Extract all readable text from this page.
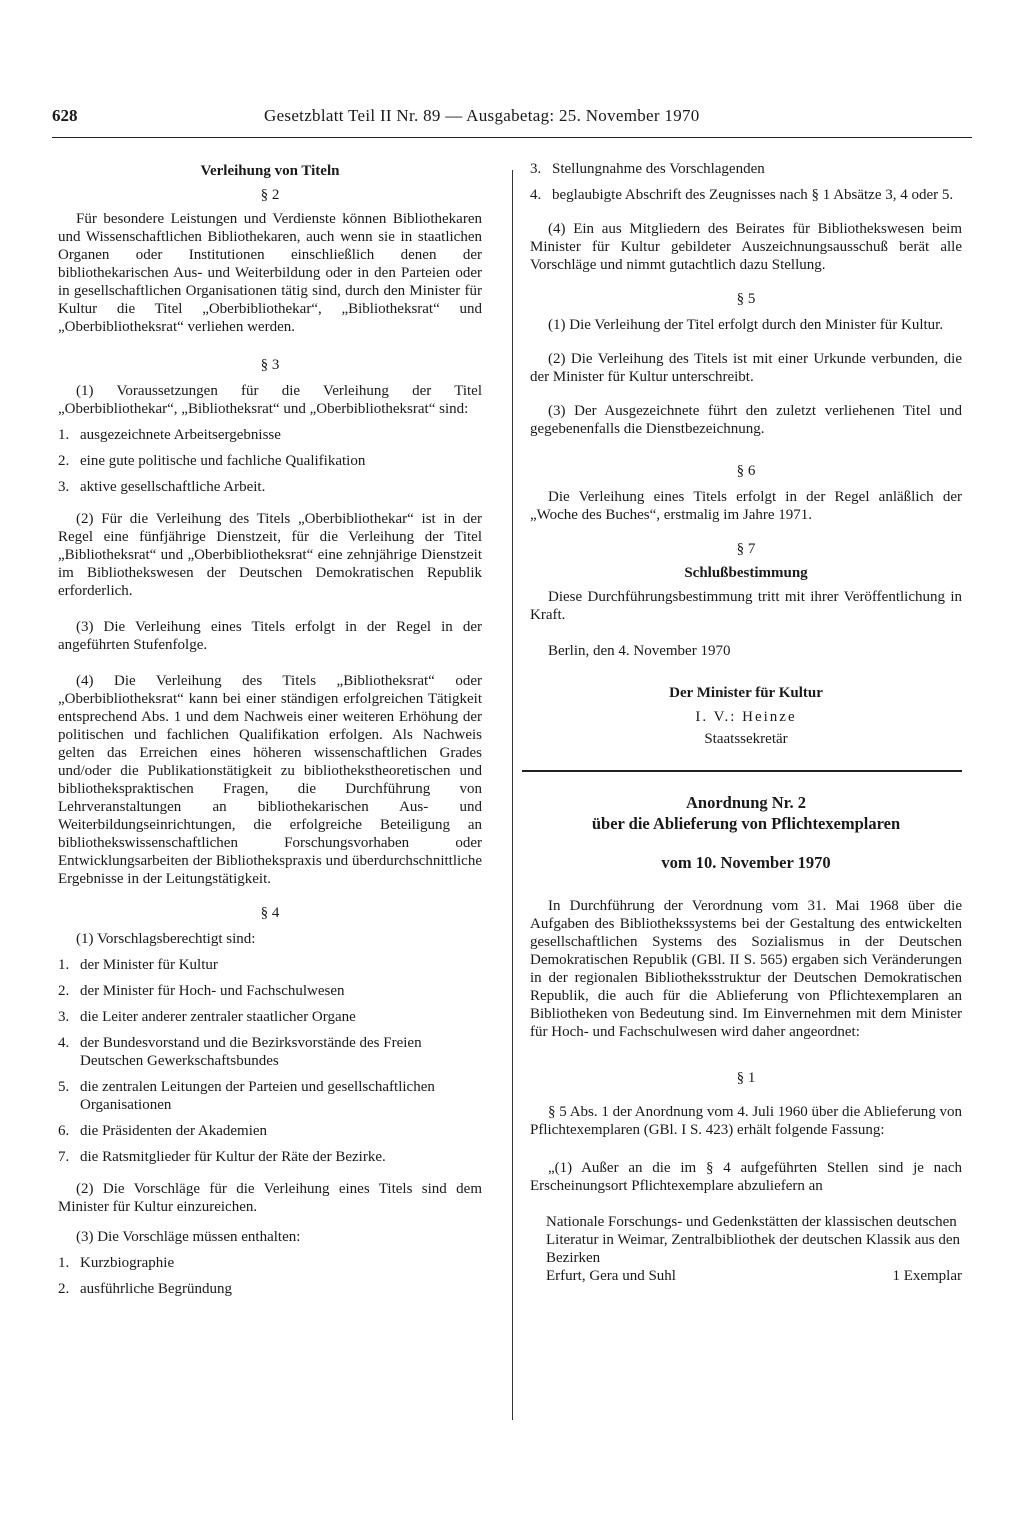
628	Gesetzblatt Teil II Nr. 89 — Ausgabetag: 25. November 1970

Verleihung von Titeln

§ 2

Für besondere Leistungen und Verdienste können Bibliothekaren und Wissenschaftlichen Bibliothekaren, auch wenn sie in staatlichen Organen oder Institutionen einschließlich denen der bibliothekarischen Aus- und Weiterbildung oder in den Parteien oder in gesellschaftlichen Organisationen tätig sind, durch den Minister für Kultur die Titel „Oberbibliothekar“, „Bibliotheksrat“ und „Oberbibliotheksrat“ verliehen werden.

§ 3

(1) Voraussetzungen für die Verleihung der Titel „Oberbibliothekar“, „Bibliotheksrat“ und „Oberbibliotheksrat“ sind:

1. ausgezeichnete Arbeitsergebnisse
2. eine gute politische und fachliche Qualifikation
3. aktive gesellschaftliche Arbeit.

(2) Für die Verleihung des Titels „Oberbibliothekar“ ist in der Regel eine fünfjährige Dienstzeit, für die Verleihung der Titel „Bibliotheksrat“ und „Oberbibliotheksrat“ eine zehnjährige Dienstzeit im Bibliothekswesen der Deutschen Demokratischen Republik erforderlich.

(3) Die Verleihung eines Titels erfolgt in der Regel in der angeführten Stufenfolge.

(4) Die Verleihung des Titels „Bibliotheksrat“ oder „Oberbibliotheksrat“ kann bei einer ständigen erfolgreichen Tätigkeit entsprechend Abs. 1 und dem Nachweis einer weiteren Erhöhung der politischen und fachlichen Qualifikation erfolgen. Als Nachweis gelten das Erreichen eines höheren wissenschaftlichen Grades und/oder die Publikationstätigkeit zu bibliothekstheoretischen und bibliothekspraktischen Fragen, die Durchführung von Lehrveranstaltungen an bibliothekarischen Aus- und Weiterbildungseinrichtungen, die erfolgreiche Beteiligung an bibliothekswissenschaftlichen Forschungsvorhaben oder Entwicklungsarbeiten der Bibliothekspraxis und überdurchschnittliche Ergebnisse in der Leitungstätigkeit.

§ 4

(1) Vorschlagsberechtigt sind:

1. der Minister für Kultur
2. der Minister für Hoch- und Fachschulwesen
3. die Leiter anderer zentraler staatlicher Organe
4. der Bundesvorstand und die Bezirksvorstände des Freien Deutschen Gewerkschaftsbundes
5. die zentralen Leitungen der Parteien und gesellschaftlichen Organisationen
6. die Präsidenten der Akademien
7. die Ratsmitglieder für Kultur der Räte der Bezirke.

(2) Die Vorschläge für die Verleihung eines Titels sind dem Minister für Kultur einzureichen.

(3) Die Vorschläge müssen enthalten:

1. Kurzbiographie
2. ausführliche Begründung
3. Stellungnahme des Vorschlagenden
4. beglaubigte Abschrift des Zeugnisses nach § 1 Absätze 3, 4 oder 5.

(4) Ein aus Mitgliedern des Beirates für Bibliothekswesen beim Minister für Kultur gebildeter Auszeichnungsausschuß berät alle Vorschläge und nimmt gutachtlich dazu Stellung.

§ 5

(1) Die Verleihung der Titel erfolgt durch den Minister für Kultur.

(2) Die Verleihung des Titels ist mit einer Urkunde verbunden, die der Minister für Kultur unterschreibt.

(3) Der Ausgezeichnete führt den zuletzt verliehenen Titel und gegebenenfalls die Dienstbezeichnung.

§ 6

Die Verleihung eines Titels erfolgt in der Regel anläßlich der „Woche des Buches“, erstmalig im Jahre 1971.

§ 7

Schlußbestimmung

Diese Durchführungsbestimmung tritt mit ihrer Veröffentlichung in Kraft.

Berlin, den 4. November 1970

Der Minister für Kultur

I. V.: Heinze

Staatssekretär

Anordnung Nr. 2

über die Ablieferung von Pflichtexemplaren

vom 10. November 1970

In Durchführung der Verordnung vom 31. Mai 1968 über die Aufgaben des Bibliothekssystems bei der Gestaltung des entwickelten gesellschaftlichen Systems des Sozialismus in der Deutschen Demokratischen Republik (GBl. II S. 565) ergaben sich Veränderungen in der regionalen Bibliotheksstruktur der Deutschen Demokratischen Republik, die auch für die Ablieferung von Pflichtexemplaren an Bibliotheken von Bedeutung sind. Im Einvernehmen mit dem Minister für Hoch- und Fachschulwesen wird daher angeordnet:

§ 1

§ 5 Abs. 1 der Anordnung vom 4. Juli 1960 über die Ablieferung von Pflichtexemplaren (GBl. I S. 423) erhält folgende Fassung:

„(1) Außer an die im § 4 aufgeführten Stellen sind je nach Erscheinungsort Pflichtexemplare abzuliefern an

Nationale Forschungs- und Gedenkstätten der klassischen deutschen Literatur in Weimar, Zentralbibliothek der deutschen Klassik aus den Bezirken

Erfurt, Gera und Suhl	1 Exemplar
